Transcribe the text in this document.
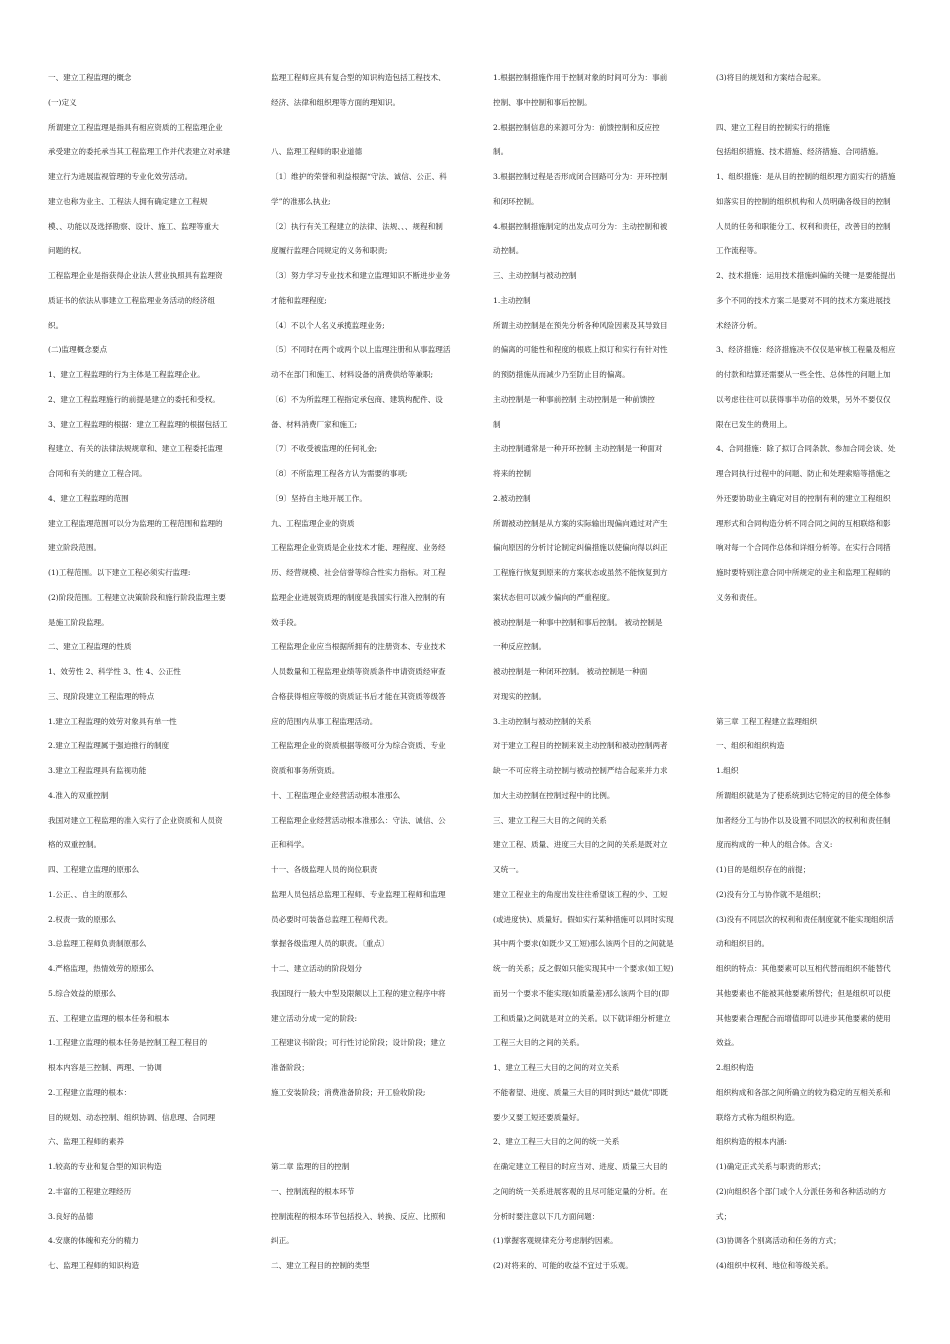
一、建立工程监理的概念
(一)定义
所谓建立工程监理是指具有相应资质的工程监理企业
承受建立的委托承当其工程监理工作并代表建立对承建
建立行为进展监视管理的专业化效劳活动。
建立也称为业主、工程法人拥有确定建立工程规
模、、功能以及选择勘察、设计、施工、监理等重大
问题的权。
工程监理企业是指获得企业法人营业执照具有监理资
质证书的依法从事建立工程监理业务活动的经济组
织。
(二)监理概念要点
1、建立工程监理的行为主体是工程监理企业。
2、建立工程监理施行的前提是建立的委托和受权。
3、建立工程监理的根据：建立工程监理的根据包括工
程建立、有关的法律法规规章和、建立工程委托监理
合同和有关的建立工程合同。
4、建立工程监理的范围
建立工程监理范围可以分为监理的工程范围和监理的
建立阶段范围。
(1)工程范围。以下建立工程必须实行监理:
(2)阶段范围。工程建立决策阶段和施行阶段监理主要
是施工阶段监理。
二、建立工程监理的性质
1、效劳性 2、科学性 3、性 4、公正性
三、现阶段建立工程监理的特点
1.建立工程监理的效劳对象具有单一性
2.建立工程监理属于强迫推行的制度
3.建立工程监理具有监视功能
4.准入的双重控制
我国对建立工程监理的准入实行了企业资质和人员资
格的双重控制。
四、工程建立监理的原那么
1.公正、、自主的原那么
2.权责一致的原那么
3.总监理工程师负责制原那么
4.严格监理，热情效劳的原那么
5.综合效益的原那么
五、工程建立监理的根本任务和根本
1.工程建立监理的根本任务是控制工程工程目的
根本内容是三控制、两理、一协调
2.工程建立监理的根本：
目的规划、动态控制、组织协调、信息理、合同理
六、监理工程师的素养
1.较高的专业和复合型的知识构造
2.丰富的工程建立理经历
3.良好的品德
4.安康的体魄和充分的精力
七、监理工程师的知识构造
监理工程师应具有复合型的知识构造包括工程技术、
经济、法律和组织理等方面的理知识。
八、监理工程师的职业道德
〔1〕维护的荣誉和利益根据“守法、诚信、公正、科
学”的准那么执业;
〔2〕执行有关工程建立的法律、法规、、、规程和制
度履行监理合同规定的义务和职责;
〔3〕努力学习专业技术和建立监理知识不断进步业务
才能和监理程度;
〔4〕不以个人名义承揽监理业务;
〔5〕不同时在两个或两个以上监理注册和从事监理活
动不在部门和施工、材料设备的消费供给等兼职;
〔6〕不为所监理工程指定承包商、建筑构配件、设
备、材料消费厂家和施工;
〔7〕不收受被监理的任何礼金;
〔8〕不所监理工程各方认为需要的事项;
〔9〕坚持自主地开展工作。
九、工程监理企业的资质
工程监理企业资质是企业技术才能、理程度、业务经
历、经营规模、社会信誉等综合性实力指标。对工程
监理企业进展资质理的制度是我国实行准入控制的有
效手段。
工程监理企业应当根据所拥有的注册资本、专业技术
人员数量和工程监理业绩等资质条件申请资质经审查
合格获得相应等级的资质证书后才能在其资质等级答
应的范围内从事工程监理活动。
工程监理企业的资质根据等级可分为综合资质、专业
资质和事务所资质。
十、工程监理企业经营活动根本准那么
工程监理企业经营活动根本准那么：守法、诚信、公
正和科学。
十一、各级监理人员的岗位职责
监理人员包括总监理工程师、专业监理工程师和监理
员必要时可装备总监理工程师代表。
掌握各级监理人员的职责。〔重点〕
十二、建立活动的阶段划分
我国现行一般大中型及限额以上工程的建立程序中将
建立活动分成一定的阶段:
工程建议书阶段；可行性讨论阶段；设计阶段；建立
准备阶段；
施工安装阶段；消费准备阶段；开工验收阶段;
第二章 监理的目的控制
一、控制流程的根本环节
控制流程的根本环节包括投入、转换、反应、比照和
纠正。
二、建立工程目的控制的类型
1.根据控制措施作用于控制对象的时间可分为：事前
控制、事中控制和事后控制。
2.根据控制信息的来源可分为：前馈控制和反应控
制。
3.根据控制过程是否形成闭合回路可分为：开环控制
和闭环控制。
4.根据控制措施制定的出发点可分为：主动控制和被
动控制。
三、主动控制与被动控制
1.主动控制
所谓主动控制是在预先分析各种风险因素及其导致目
的偏离的可能性和程度的根底上拟订和实行有针对性
的预防措施从而减少乃至防止目的偏离。
主动控制是一种事前控制 主动控制是一种前馈控
制
主动控制通常是一种开环控制 主动控制是一种面对
将来的控制
2.被动控制
所谓被动控制是从方案的实际输出现偏向通过对产生
偏向原因的分析讨论制定纠偏措施以使偏向得以纠正
工程施行恢复到原来的方案状态或虽然不能恢复到方
案状态但可以减少偏向的严重程度。
被动控制是一种事中控制和事后控制。 被动控制是
一种反应控制。
被动控制是一种闭环控制。 被动控制是一种面
对现实的控制。
3.主动控制与被动控制的关系
对于建立工程目的控制来说主动控制和被动控制两者
缺一不可应将主动控制与被动控制严结合起来并力求
加大主动控制在控制过程中的比例。
三、建立工程三大目的之间的关系
建立工程、质量、进度三大目的之间的关系是既对立
又统一。
建立工程业主的角度出发往往希望该工程的少、工短
(或进度快)、质量好。假如实行某种措施可以同时实现
其中两个要求(如既少又工短)那么该两个目的之间就是
统一的关系；反之假如只能实现其中一个要求(如工短)
而另一个要求不能实现(如质量差)那么该两个目的(即
工和质量)之间就是对立的关系。以下就详细分析建立
工程三大目的之间的关系。
1、建立工程三大目的之间的对立关系
不能奢望、进度、质量三大目的同时到达“最优”即既
要少又要工短还要质量好。
2、建立工程三大目的之间的统一关系
在确定建立工程目的时应当对、进度、质量三大目的
之间的统一关系进展客观的且尽可能定量的分析。在
分析时要注意以下几方面问题：
(1)掌握客观规律充分考虑制约因素。
(2)对将来的、可能的收益不宜过于乐观。
(3)将目的规划和方案结合起来。
四、建立工程目的控制实行的措施
包括组织措施、技术措施、经济措施、合同措施。
1、组织措施：是从目的控制的组织理方面实行的措施
如落实目的控制的组织机构和人员明确各级目的控制
人员的任务和职能分工、权利和责任，改善目的控制
工作流程等。
2、技术措施：运用技术措施纠偏的关键一是要能提出
多个不同的技术方案二是要对不同的技术方案进展技
术经济分析。
3、经济措施：经济措施决不仅仅是审核工程量及相应
的付款和结算还需要从一些全性、总体性的问题上加
以考虑往往可以获得事半功倍的效果，另外不要仅仅
限在已发生的费用上。
4、合同措施：除了拟订合同条款、参加合同会谈、处
理合同执行过程中的问题、防止和处理索赔等措施之
外还要协助业主确定对目的控制有利的建立工程组织
理形式和合同构造分析不同合同之间的互相联络和影
响对每一个合同作总体和详细分析等。在实行合同措
施时要特别注意合同中所规定的业主和监理工程师的
义务和责任。
第三章 工程工程建立监理组织
一、组织和组织构造
1.组织
所谓组织就是为了使系统到达它特定的目的使全体参
加者经分工与协作以及设置不同层次的权利和责任制
度而构成的一种人的组合体。含义:
(1)目的是组织存在的前提；
(2)没有分工与协作就不是组织；
(3)没有不同层次的权利和责任制度就不能实现组织活
动和组织目的。
组织的特点：其他要素可以互相代替而组织不能替代
其他要素也不能被其他要素所替代；但是组织可以使
其他要素合理配合而增值即可以进步其他要素的使用
效益。
2.组织构造
组织构成和各部之间所确立的较为稳定的互相关系和
联络方式称为组织构造。
组织构造的根本内涵:
(1)确定正式关系与职责的形式；
(2)向组织各个部门或个人分派任务和各种活动的方
式；
(3)协调各个别离活动和任务的方式；
(4)组织中权利、地位和等级关系。
